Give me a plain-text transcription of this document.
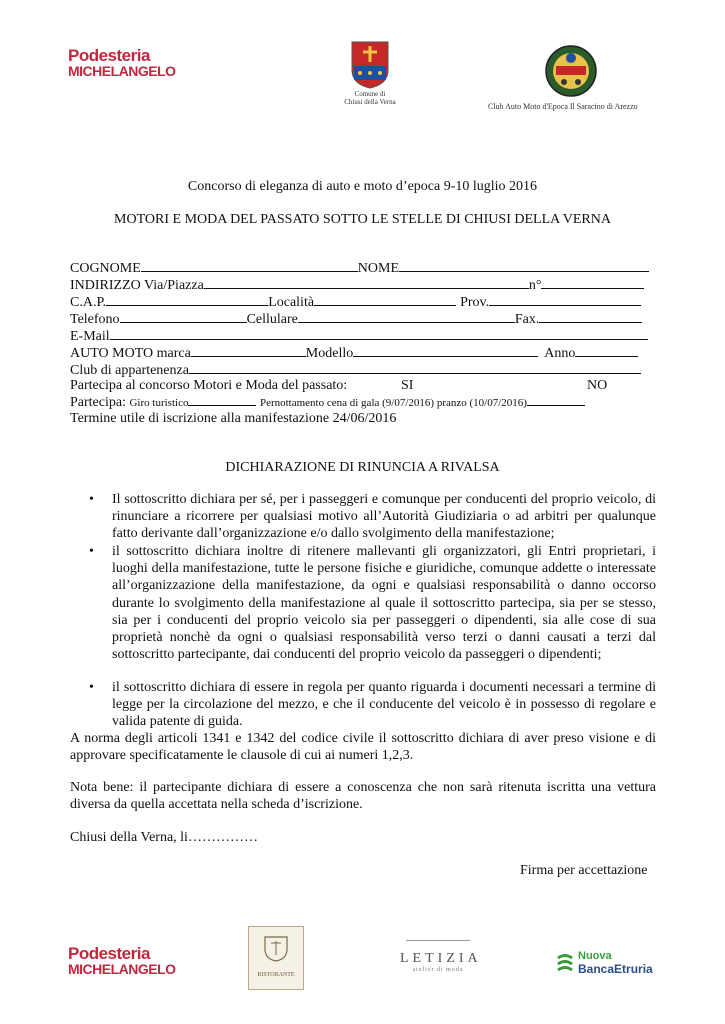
Podesteria
MICHELANGELO
Comune di
Chiusi della Verna	Club Auto Moto d'Epoca Il Saracino di Arezzo
Concorso di eleganza di auto e moto d’epoca 9-10 luglio 2016
MOTORI E MODA DEL PASSATO SOTTO LE STELLE DI CHIUSI DELLA VERNA
COGNOME	NOME
INDIRIZZO Via/Piazza	n°
C.A.P.	Località	Prov.
Telefono	Cellulare	Fax.
E-Mail
AUTO MOTO marca	Modello	Anno
Club di appartenenza
Partecipa al concorso Motori e Moda del passato:	SI	NO
Partecipa: Giro turistico	Pernottamento cena di gala (9/07/2016) pranzo (10/07/2016)
Termine utile di iscrizione alla manifestazione 24/06/2016
DICHIARAZIONE DI RINUNCIA A RIVALSA
• Il sottoscritto dichiara per sé, per i passeggeri e comunque per conducenti del proprio veicolo, di rinunciare a ricorrere per qualsiasi motivo all’Autorità Giudiziaria o ad arbitri per qualunque fatto derivante dall’organizzazione e/o dallo svolgimento della manifestazione;
• il sottoscritto dichiara inoltre di ritenere mallevanti gli organizzatori, gli Entri proprietari, i luoghi della manifestazione, tutte le persone fisiche e giuridiche, comunque addette o interessate all’organizzazione della manifestazione, da ogni e qualsiasi responsabilità o danno occorso durante lo svolgimento della manifestazione al quale il sottoscritto partecipa, sia per se stesso, sia per i conducenti del proprio veicolo sia per passeggeri o dipendenti, sia alle cose di sua proprietà nonchè da ogni o qualsiasi responsabilità verso terzi o danni causati a terzi dal sottoscritto partecipante, dai conducenti del proprio veicolo da passeggeri o dipendenti;
• il sottoscritto dichiara di essere in regola per quanto riguarda i documenti necessari a termine di legge per la circolazione del mezzo, e che il conducente del veicolo è in possesso di regolare e valida patente di guida.
A norma degli articoli 1341 e 1342 del codice civile il sottoscritto dichiara di aver preso visione e di approvare specificatamente le clausole di cui ai numeri 1,2,3.
Nota bene: il partecipante dichiara di essere a conoscenza che non sarà ritenuta iscritta una vettura diversa da quella accettata nella scheda d’iscrizione.
Chiusi della Verna, li……………
Firma per accettazione
Podesteria
MICHELANGELO	RISTORANTE
LETIZIA
atelier di moda
Nuova
BancaEtruria
